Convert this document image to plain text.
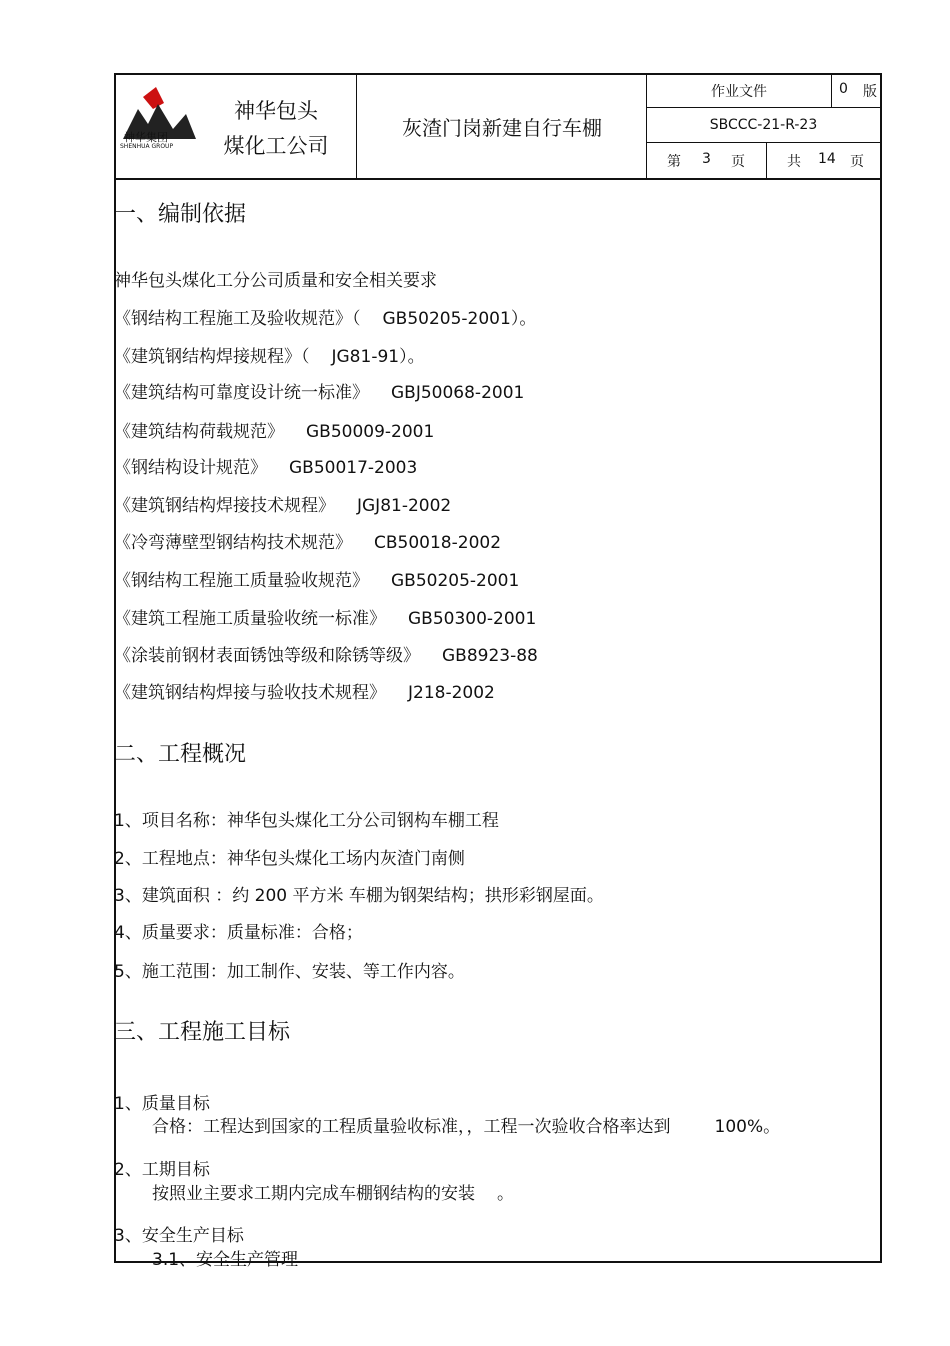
神华集团
SHENHUA GROUP
神华包头
煤化工公司
灰渣门岗新建自行车棚
作业文件	0 版
SBCCC-21-R-23
第 3 页	共 14 页
一、编制依据
神华包头煤化工分公司质量和安全相关要求
《钢结构工程施工及验收规范》（ GB50205-2001）。
《建筑钢结构焊接规程》（ JG81-91）。
《建筑结构可靠度设计统一标准》 GBJ50068-2001
《建筑结构荷载规范》 GB50009-2001
《钢结构设计规范》 GB50017-2003
《建筑钢结构焊接技术规程》 JGJ81-2002
《冷弯薄壁型钢结构技术规范》 CB50018-2002
《钢结构工程施工质量验收规范》 GB50205-2001
《建筑工程施工质量验收统一标准》 GB50300-2001
《涂装前钢材表面锈蚀等级和除锈等级》 GB8923-88
《建筑钢结构焊接与验收技术规程》 J218-2002
二、工程概况
1、项目名称：神华包头煤化工分公司钢构车棚工程
2、工程地点：神华包头煤化工场内灰渣门南侧
3、建筑面积 ：约 200 平方米 车棚为钢架结构；拱形彩钢屋面。
4、质量要求：质量标准：合格；
5、施工范围：加工制作、安装、等工作内容。
三、工程施工目标
1、质量目标
合格：工程达到国家的工程质量验收标准，，工程一次验收合格率达到	100%。
2、工期目标
按照业主要求工期内完成车棚钢结构的安装 。
3、安全生产目标
3.1、安全生产管理
